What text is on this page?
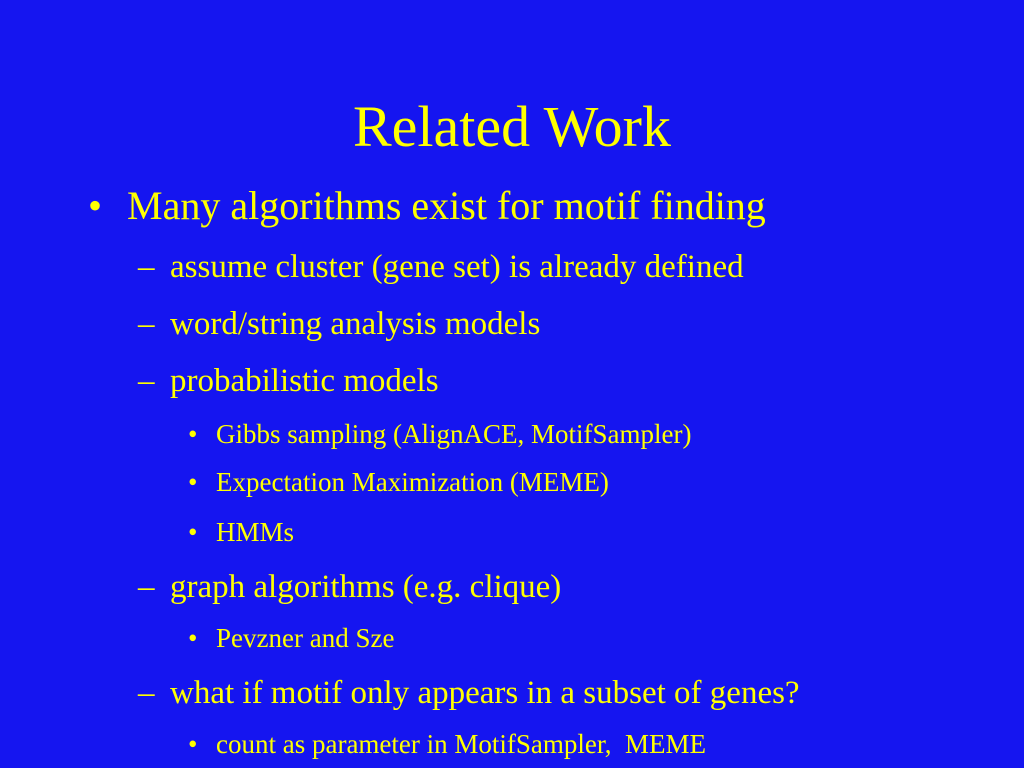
Related Work
• Many algorithms exist for motif finding
– assume cluster (gene set) is already defined
– word/string analysis models
– probabilistic models
• Gibbs sampling (AlignACE, MotifSampler)
• Expectation Maximization (MEME)
• HMMs
– graph algorithms (e.g. clique)
• Pevzner and Sze
– what if motif only appears in a subset of genes?
• count as parameter in MotifSampler,  MEME
